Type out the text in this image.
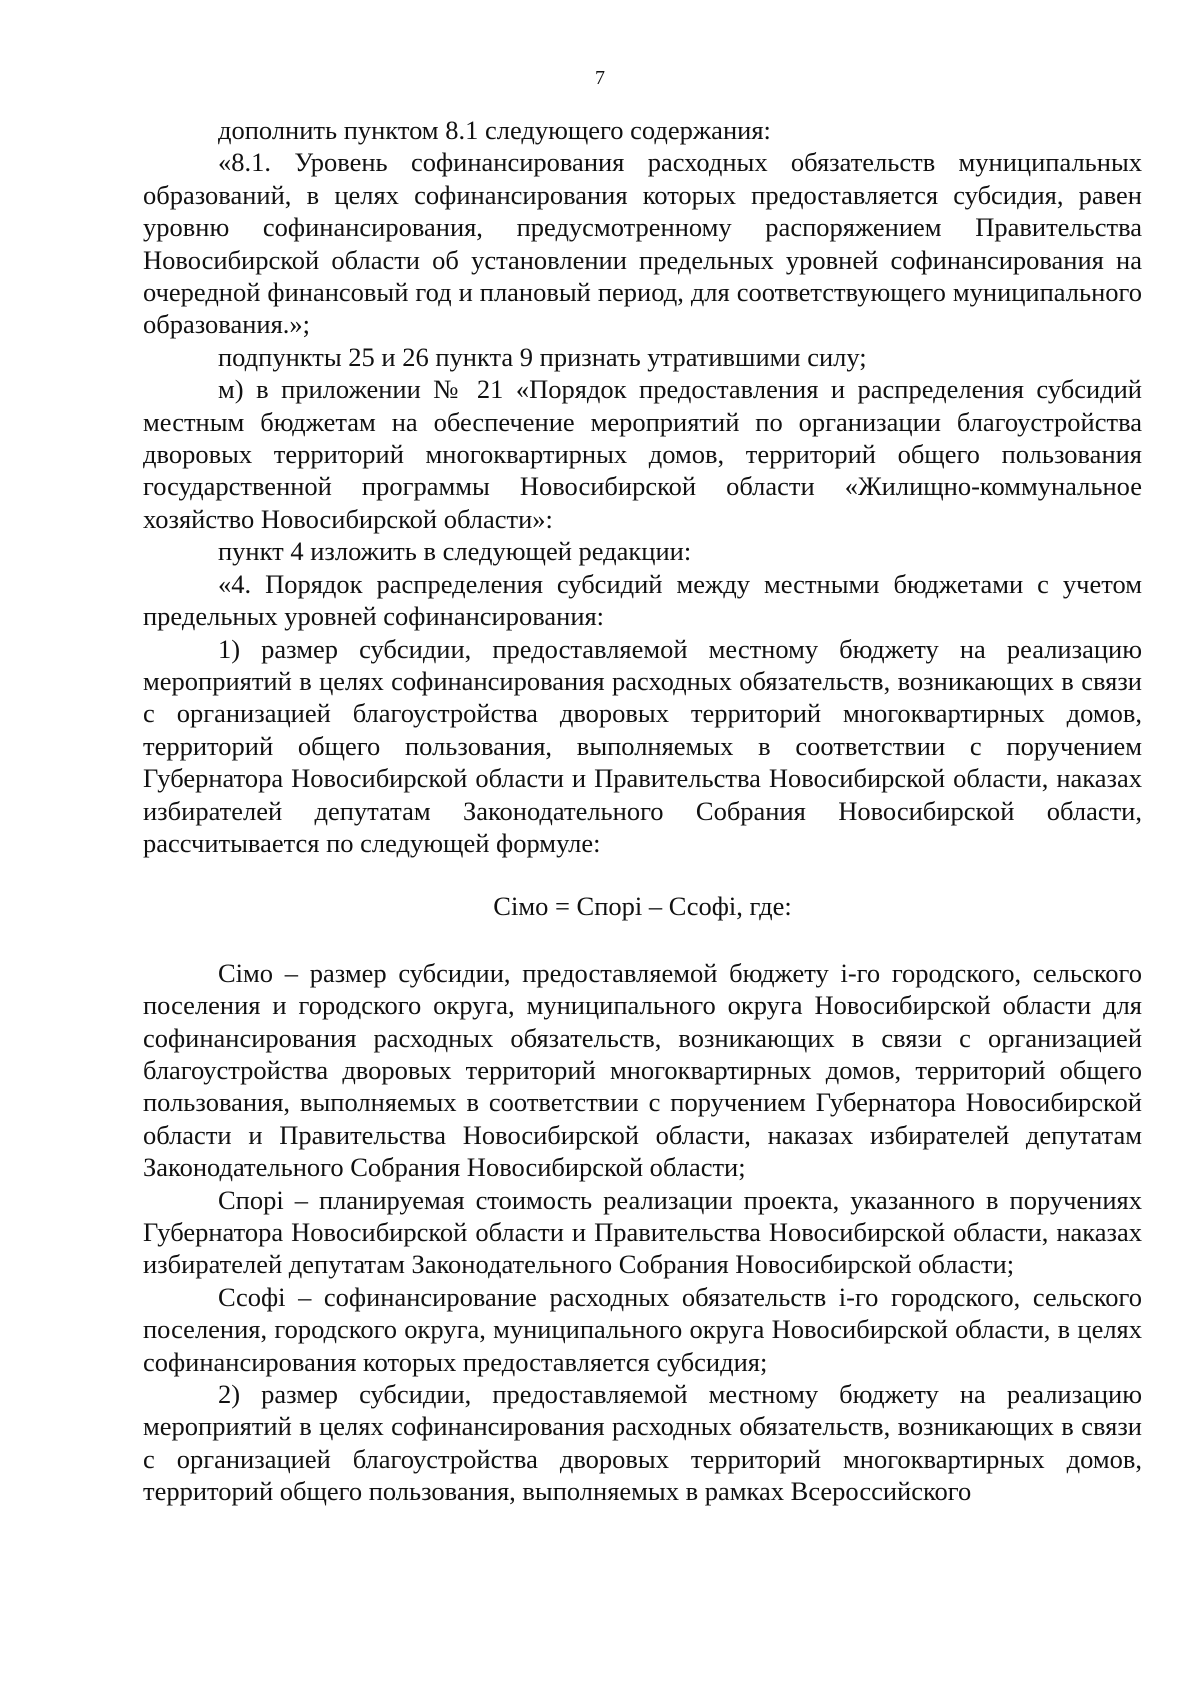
7

дополнить пунктом 8.1 следующего содержания:

«8.1. Уровень софинансирования расходных обязательств муниципальных образований, в целях софинансирования которых предоставляется субсидия, равен уровню софинансирования, предусмотренному распоряжением Правительства Новосибирской области об установлении предельных уровней софинансирования на очередной финансовый год и плановый период, для соответствующего муниципального образования.»;

подпункты 25 и 26 пункта 9 признать утратившими силу;

м) в приложении № 21 «Порядок предоставления и распределения субсидий местным бюджетам на обеспечение мероприятий по организации благоустройства дворовых территорий многоквартирных домов, территорий общего пользования государственной программы Новосибирской области «Жилищно-коммунальное хозяйство Новосибирской области»:

пункт 4 изложить в следующей редакции:

«4. Порядок распределения субсидий между местными бюджетами с учетом предельных уровней софинансирования:

1) размер субсидии, предоставляемой местному бюджету на реализацию мероприятий в целях софинансирования расходных обязательств, возникающих в связи с организацией благоустройства дворовых территорий многоквартирных домов, территорий общего пользования, выполняемых в соответствии с поручением Губернатора Новосибирской области и Правительства Новосибирской области, наказах избирателей депутатам Законодательного Собрания Новосибирской области, рассчитывается по следующей формуле:

Сiмо = Спорi – Ссофi, где:

Сiмо – размер субсидии, предоставляемой бюджету i-го городского, сельского поселения и городского округа, муниципального округа Новосибирской области для софинансирования расходных обязательств, возникающих в связи с организацией благоустройства дворовых территорий многоквартирных домов, территорий общего пользования, выполняемых в соответствии с поручением Губернатора Новосибирской области и Правительства Новосибирской области, наказах избирателей депутатам Законодательного Собрания Новосибирской области;

Спорi – планируемая стоимость реализации проекта, указанного в поручениях Губернатора Новосибирской области и Правительства Новосибирской области, наказах избирателей депутатам Законодательного Собрания Новосибирской области;

Ссофi – софинансирование расходных обязательств i-го городского, сельского поселения, городского округа, муниципального округа Новосибирской области, в целях софинансирования которых предоставляется субсидия;

2) размер субсидии, предоставляемой местному бюджету на реализацию мероприятий в целях софинансирования расходных обязательств, возникающих в связи с организацией благоустройства дворовых территорий многоквартирных домов, территорий общего пользования, выполняемых в рамках Всероссийского
